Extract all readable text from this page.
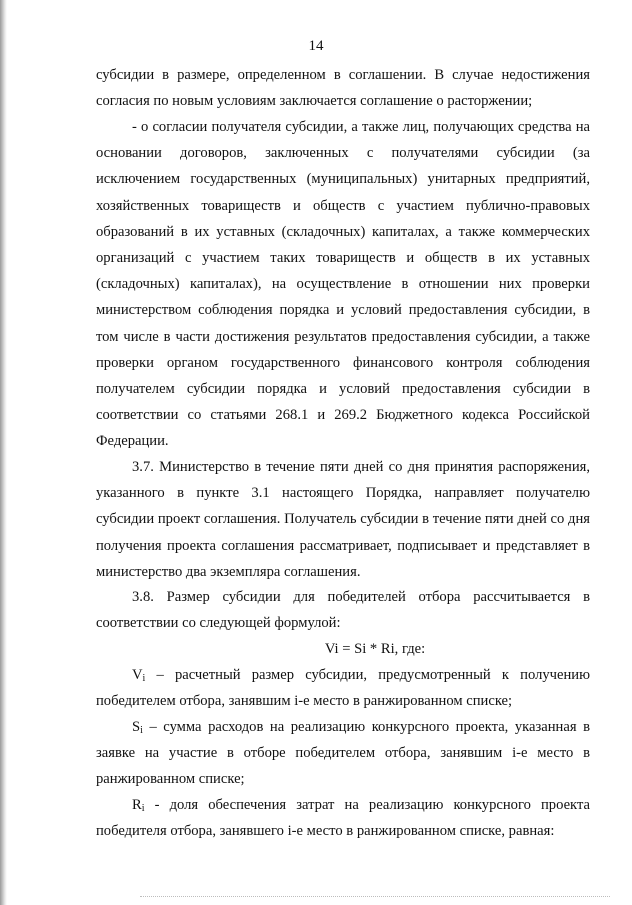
14

субсидии в размере, определенном в соглашении. В случае недостижения согласия по новым условиям заключается соглашение о расторжении;

- о согласии получателя субсидии, а также лиц, получающих средства на основании договоров, заключенных с получателями субсидии (за исключением государственных (муниципальных) унитарных предприятий, хозяйственных товариществ и обществ с участием публично-правовых образований в их уставных (складочных) капиталах, а также коммерческих организаций с участием таких товариществ и обществ в их уставных (складочных) капиталах), на осуществление в отношении них проверки министерством соблюдения порядка и условий предоставления субсидии, в том числе в части достижения результатов предоставления субсидии, а также проверки органом государственного финансового контроля соблюдения получателем субсидии порядка и условий предоставления субсидии в соответствии со статьями 268.1 и 269.2 Бюджетного кодекса Российской Федерации.

3.7. Министерство в течение пяти дней со дня принятия распоряжения, указанного в пункте 3.1 настоящего Порядка, направляет получателю субсидии проект соглашения. Получатель субсидии в течение пяти дней со дня получения проекта соглашения рассматривает, подписывает и представляет в министерство два экземпляра соглашения.

3.8. Размер субсидии для победителей отбора рассчитывается в соответствии со следующей формулой:

Vi = Si * Ri, где:

$V_i$ – расчетный размер субсидии, предусмотренный к получению победителем отбора, занявшим i-е место в ранжированном списке;

$S_i$ – сумма расходов на реализацию конкурсного проекта, указанная в заявке на участие в отборе победителем отбора, занявшим i-е место в ранжированном списке;

$R_i$ - доля обеспечения затрат на реализацию конкурсного проекта победителя отбора, занявшего i-е место в ранжированном списке, равная:
